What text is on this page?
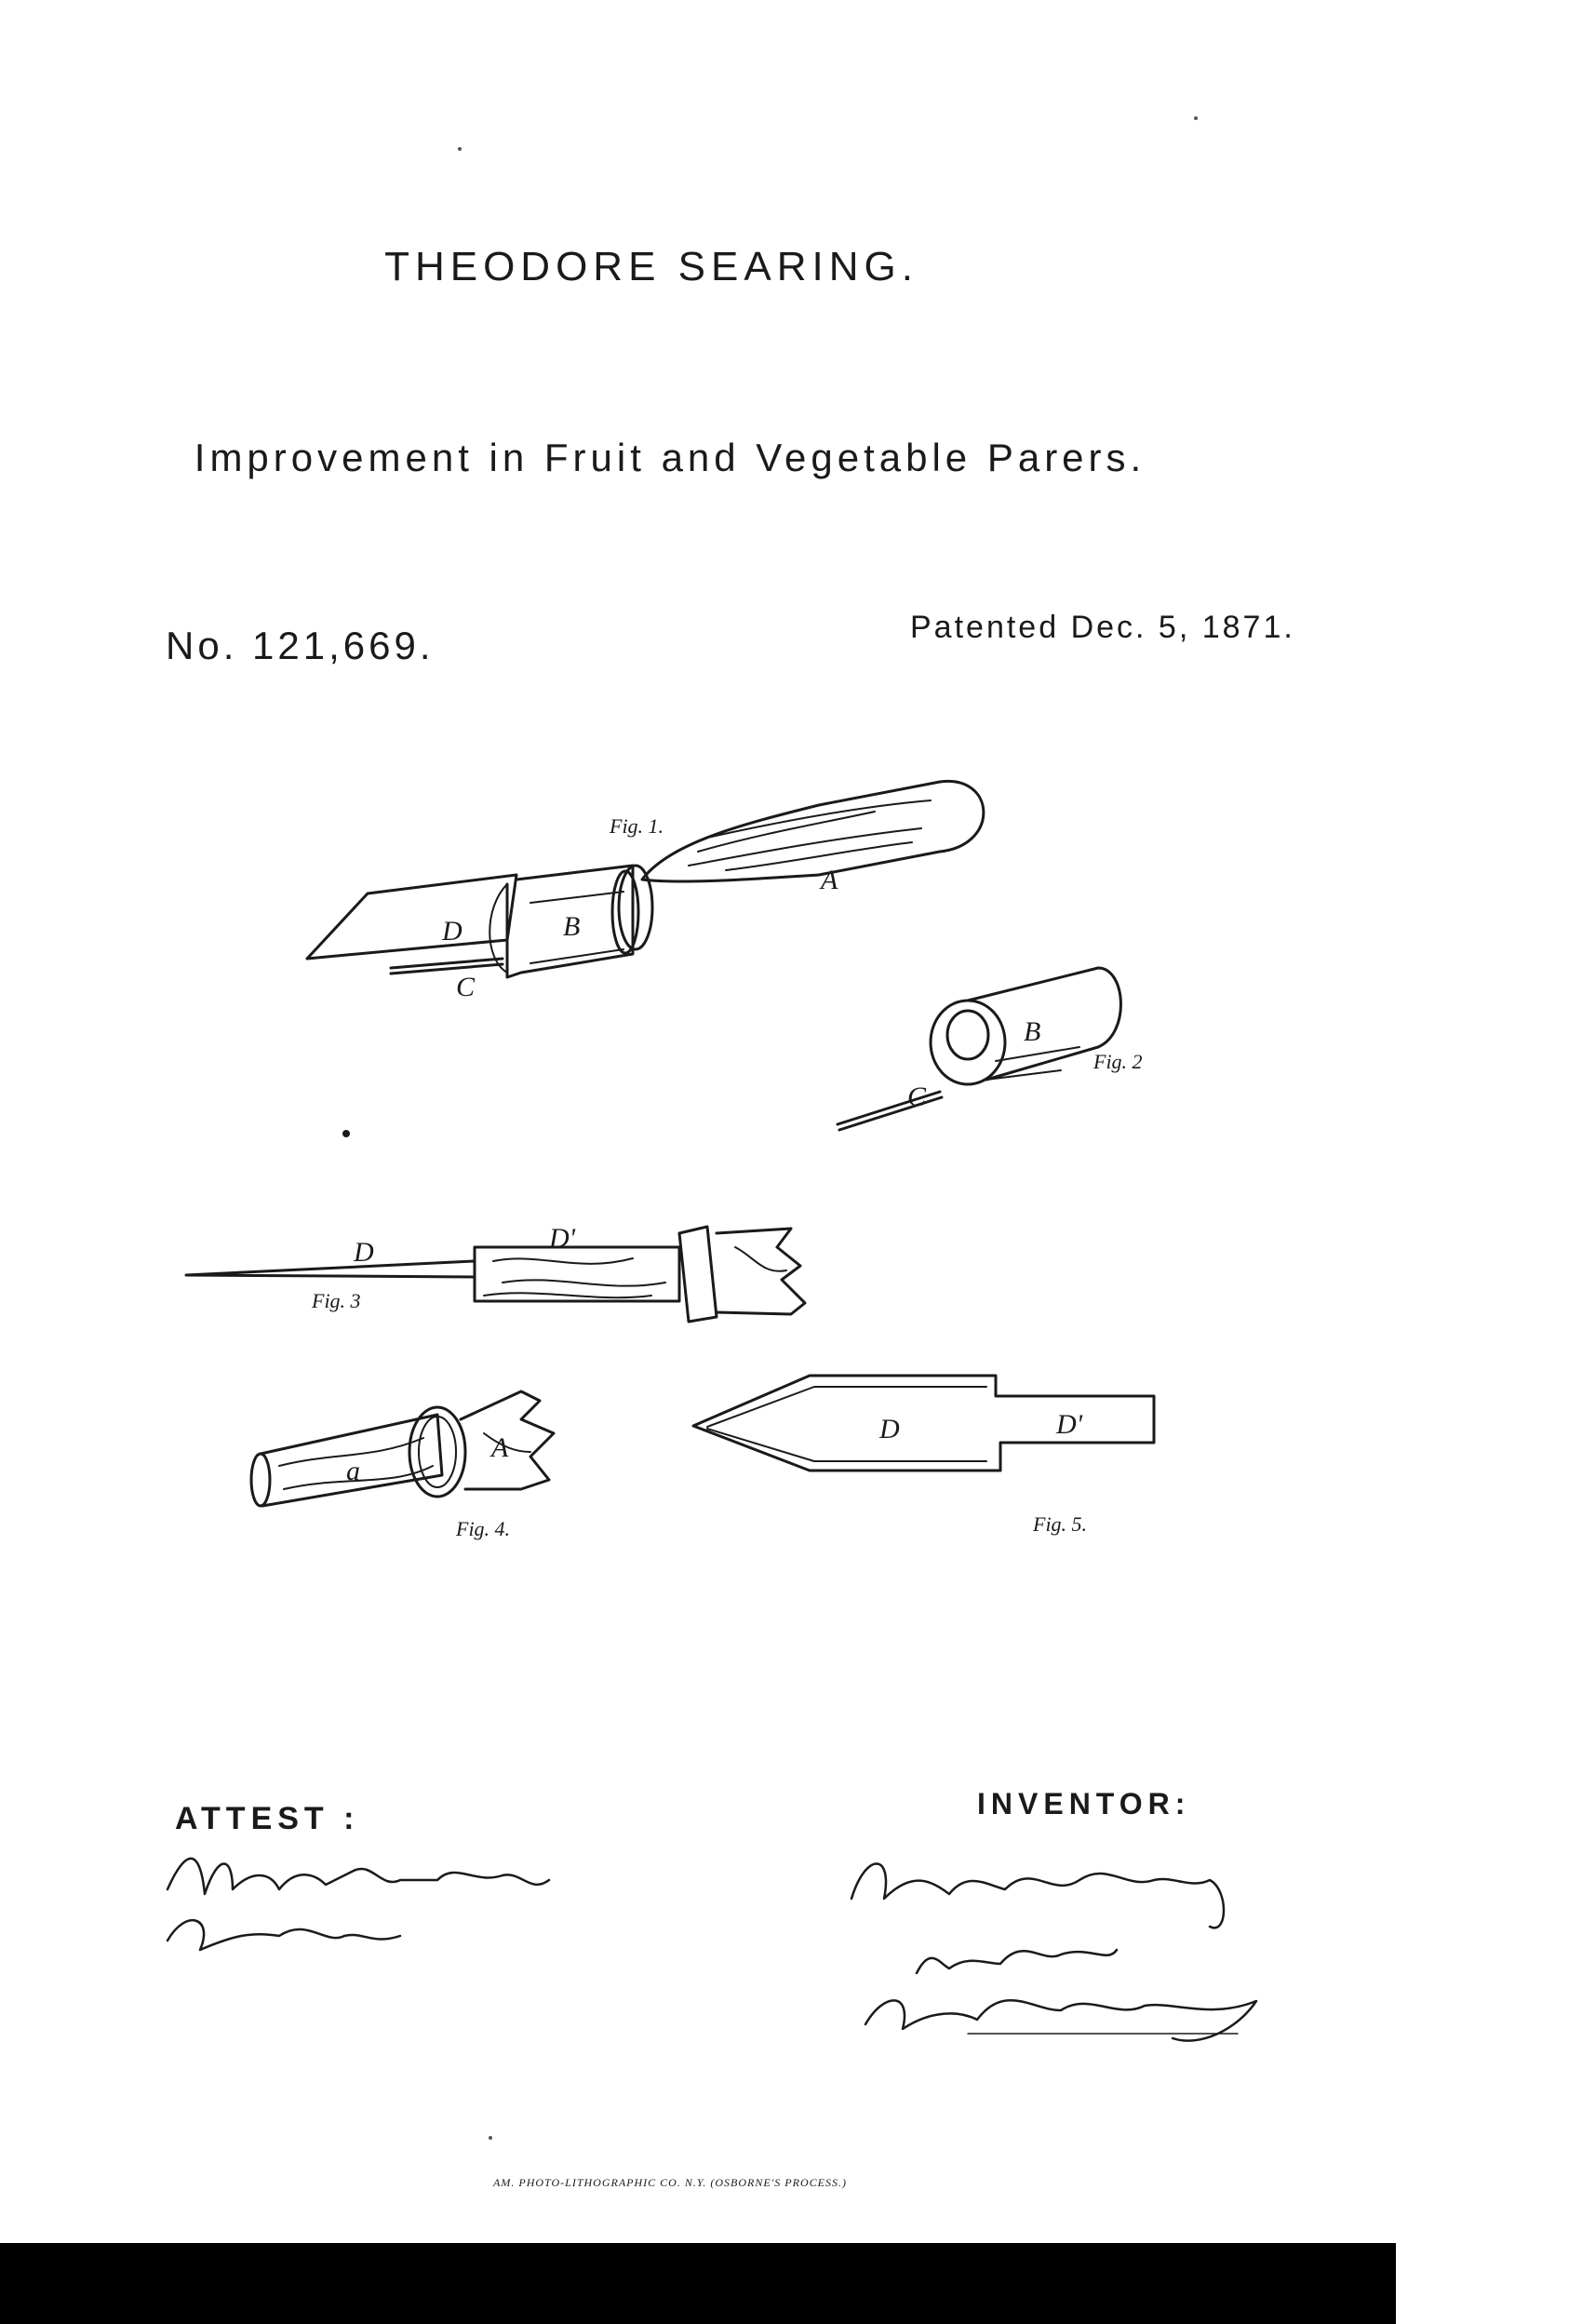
THEODORE SEARING.
Improvement in Fruit and Vegetable Parers.
No. 121,669.	Patented Dec. 5, 1871.
A
B
C
D
Fig. 1.
B
C
Fig. 2
D	D'
Fig. 3
a
A
Fig. 4.
D	D'
Fig. 5.
ATTEST :	INVENTOR:
AM. PHOTO-LITHOGRAPHIC CO. N.Y. (OSBORNE'S PROCESS.)
